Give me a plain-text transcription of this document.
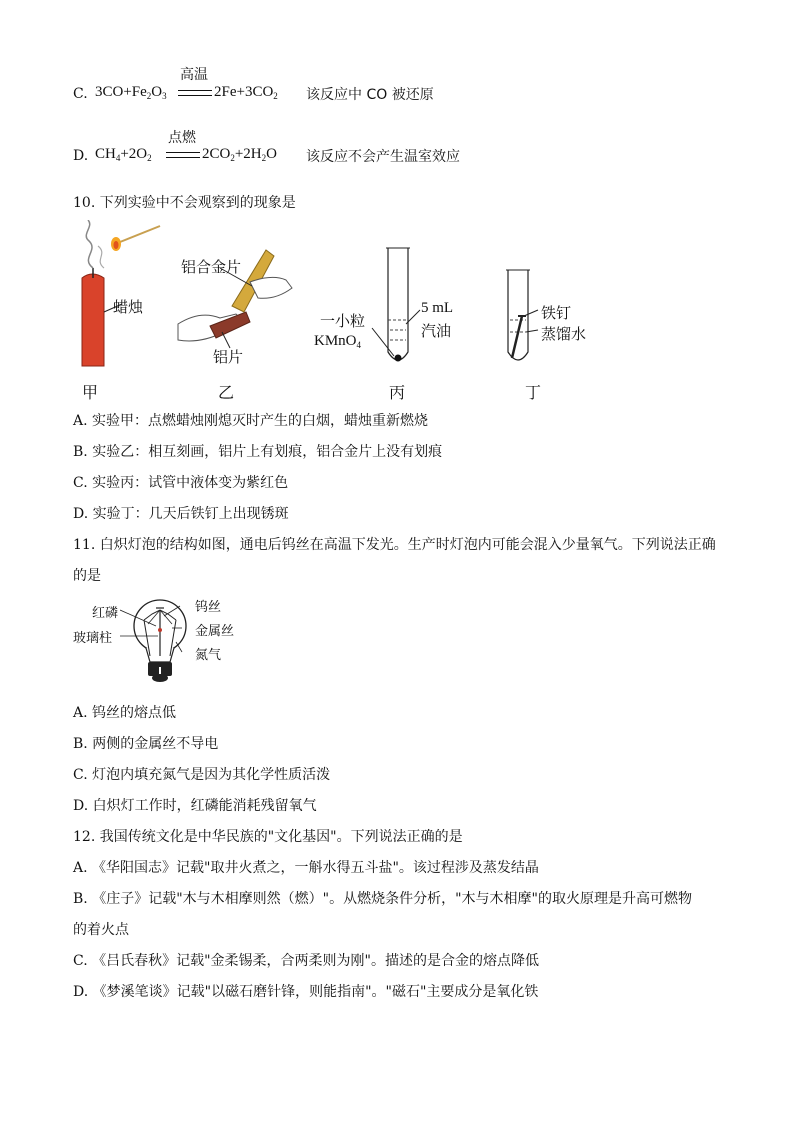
C. $3CO+Fe_2O_3$
高温
$2Fe+3CO_2$ 该反应中 CO 被还原
D. $CH_4+2O_2$
点燃
$2CO_2+2H_2O$ 该反应不会产生温室效应
10. 下列实验中不会观察到的现象是
蜡烛
铝合金片
铝片
一小粒
KMnO$_4$
5 mL
汽油
铁钉
蒸馏水
甲	乙	丙	丁
A. 实验甲：点燃蜡烛刚熄灭时产生的白烟，蜡烛重新燃烧
B. 实验乙：相互刻画，铝片上有划痕，铝合金片上没有划痕
C. 实验丙：试管中液体变为紫红色
D. 实验丁：几天后铁钉上出现锈斑
11. 白炽灯泡的结构如图，通电后钨丝在高温下发光。生产时灯泡内可能会混入少量氧气。下列说法正确
的是
红磷
玻璃柱
钨丝
金属丝
氮气
A. 钨丝的熔点低
B. 两侧的金属丝不导电
C. 灯泡内填充氮气是因为其化学性质活泼
D. 白炽灯工作时，红磷能消耗残留氧气
12. 我国传统文化是中华民族的"文化基因"。下列说法正确的是
A. 《华阳国志》记载"取井火煮之，一斛水得五斗盐"。该过程涉及蒸发结晶
B. 《庄子》记载"木与木相摩则然（燃）"。从燃烧条件分析，"木与木相摩"的取火原理是升高可燃物
的着火点
C. 《吕氏春秋》记载"金柔锡柔，合两柔则为刚"。描述的是合金的熔点降低
D. 《梦溪笔谈》记载"以磁石磨针锋，则能指南"。"磁石"主要成分是氧化铁
